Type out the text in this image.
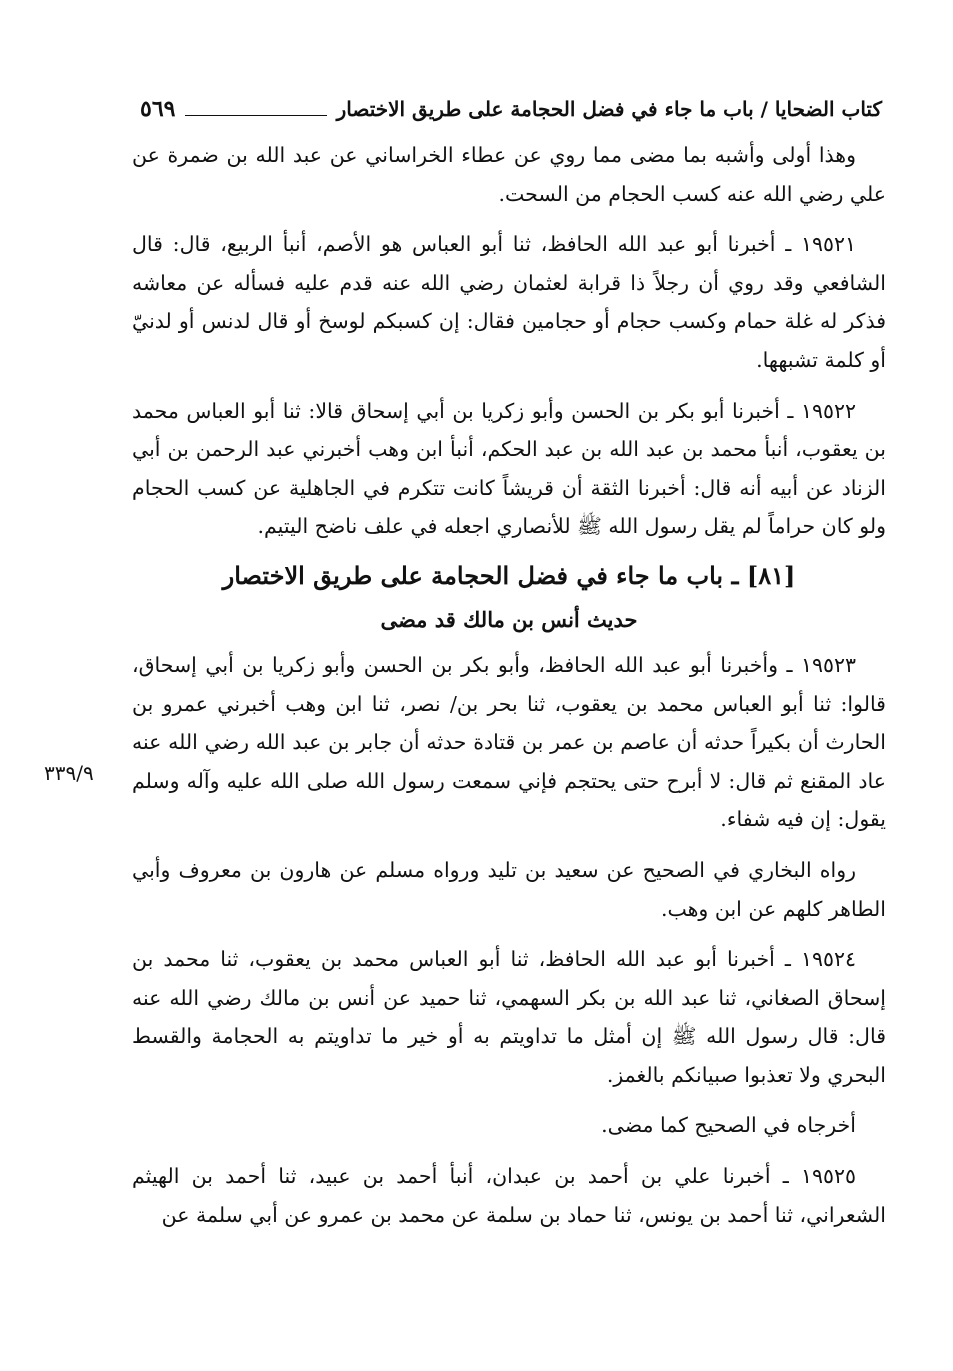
كتاب الضحايا / باب ما جاء في فضل الحجامة على طريق الاختصار
٥٦٩
٣٣٩/٩

وهذا أولى وأشبه بما مضى مما روي عن عطاء الخراساني عن عبد الله بن ضمرة عن علي رضي الله عنه كسب الحجام من السحت.

١٩٥٢١ ـ أخبرنا أبو عبد الله الحافظ، ثنا أبو العباس هو الأصم، أنبأ الربيع، قال: قال الشافعي وقد روي أن رجلاً ذا قرابة لعثمان رضي الله عنه قدم عليه فسأله عن معاشه فذكر له غلة حمام وكسب حجام أو حجامين فقال: إن كسبكم لوسخ أو قال لدنس أو لدنيّ أو كلمة تشبهها.

١٩٥٢٢ ـ أخبرنا أبو بكر بن الحسن وأبو زكريا بن أبي إسحاق قالا: ثنا أبو العباس محمد بن يعقوب، أنبأ محمد بن عبد الله بن عبد الحكم، أنبأ ابن وهب أخبرني عبد الرحمن بن أبي الزناد عن أبيه أنه قال: أخبرنا الثقة أن قريشاً كانت تتكرم في الجاهلية عن كسب الحجام ولو كان حراماً لم يقل رسول الله ﷺ للأنصاري اجعله في علف ناضح اليتيم.

[٨١] ـ باب ما جاء في فضل الحجامة على طريق الاختصار
حديث أنس بن مالك قد مضى

١٩٥٢٣ ـ وأخبرنا أبو عبد الله الحافظ، وأبو بكر بن الحسن وأبو زكريا بن أبي إسحاق، قالوا: ثنا أبو العباس محمد بن يعقوب، ثنا بحر بن/ نصر، ثنا ابن وهب أخبرني عمرو بن الحارث أن بكيراً حدثه أن عاصم بن عمر بن قتادة حدثه أن جابر بن عبد الله رضي الله عنه عاد المقنع ثم قال: لا أبرح حتى يحتجم فإني سمعت رسول الله صلى الله عليه وآله وسلم يقول: إن فيه شفاء.

رواه البخاري في الصحيح عن سعيد بن تليد ورواه مسلم عن هارون بن معروف وأبي الطاهر كلهم عن ابن وهب.

١٩٥٢٤ ـ أخبرنا أبو عبد الله الحافظ، ثنا أبو العباس محمد بن يعقوب، ثنا محمد بن إسحاق الصغاني، ثنا عبد الله بن بكر السهمي، ثنا حميد عن أنس بن مالك رضي الله عنه قال: قال رسول الله ﷺ إن أمثل ما تداويتم به أو خير ما تداويتم به الحجامة والقسط البحري ولا تعذبوا صبيانكم بالغمز.

أخرجاه في الصحيح كما مضى.

١٩٥٢٥ ـ أخبرنا علي بن أحمد بن عبدان، أنبأ أحمد بن عبيد، ثنا أحمد بن الهيثم الشعراني، ثنا أحمد بن يونس، ثنا حماد بن سلمة عن محمد بن عمرو عن أبي سلمة عن
